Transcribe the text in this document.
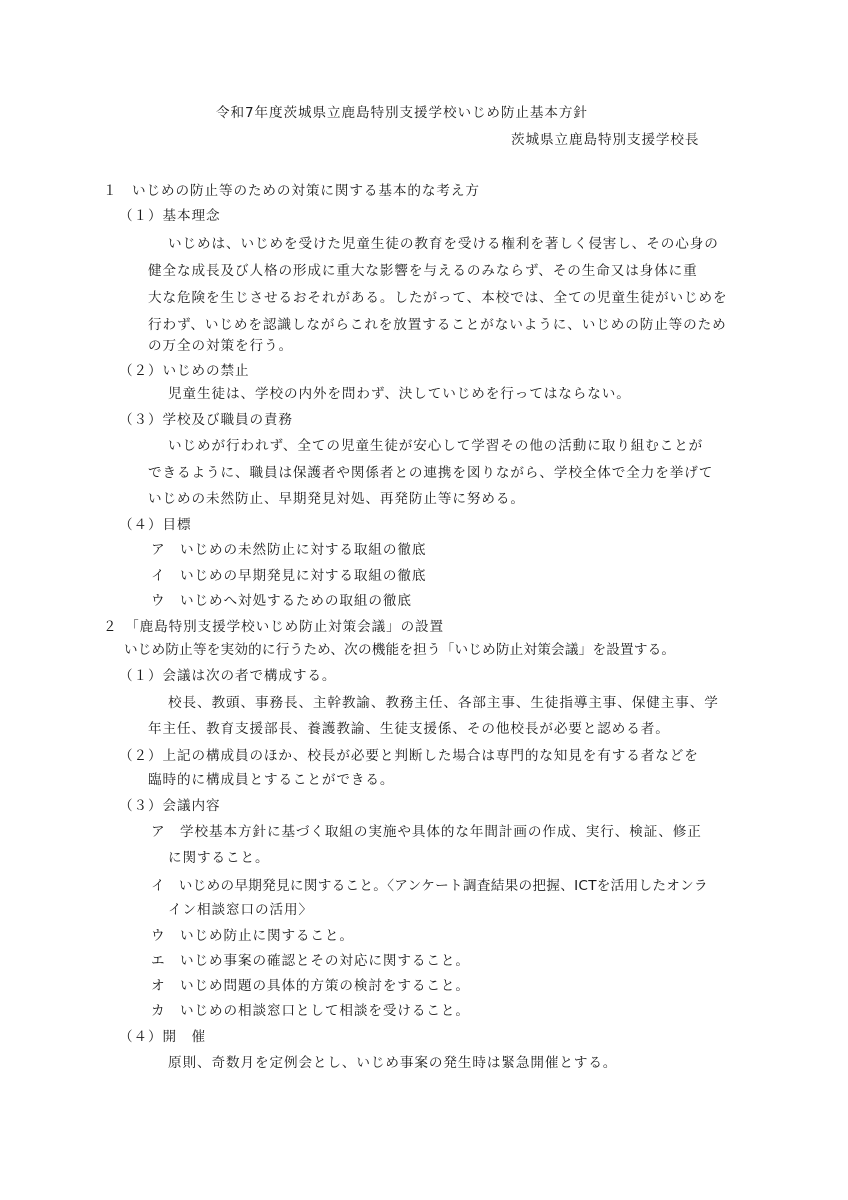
令和7年度茨城県立鹿島特別支援学校いじめ防止基本方針
茨城県立鹿島特別支援学校長
１　いじめの防止等のための対策に関する基本的な考え方
（１）基本理念
いじめは、いじめを受けた児童生徒の教育を受ける権利を著しく侵害し、その心身の
健全な成長及び人格の形成に重大な影響を与えるのみならず、その生命又は身体に重
大な危険を生じさせるおそれがある。したがって、本校では、全ての児童生徒がいじめを
行わず、いじめを認識しながらこれを放置することがないように、いじめの防止等のため
の万全の対策を行う。
（２）いじめの禁止
児童生徒は、学校の内外を問わず、決していじめを行ってはならない。
（３）学校及び職員の責務
いじめが行われず、全ての児童生徒が安心して学習その他の活動に取り組むことが
できるように、職員は保護者や関係者との連携を図りながら、学校全体で全力を挙げて
いじめの未然防止、早期発見対処、再発防止等に努める。
（４）目標
ア　いじめの未然防止に対する取組の徹底
イ　いじめの早期発見に対する取組の徹底
ウ　いじめへ対処するための取組の徹底
２　「鹿島特別支援学校いじめ防止対策会議」の設置
いじめ防止等を実効的に行うため、次の機能を担う「いじめ防止対策会議」を設置する。
（１）会議は次の者で構成する。
校長、教頭、事務長、主幹教諭、教務主任、各部主事、生徒指導主事、保健主事、学
年主任、教育支援部長、養護教諭、生徒支援係、その他校長が必要と認める者。
（２）上記の構成員のほか、校長が必要と判断した場合は専門的な知見を有する者などを
臨時的に構成員とすることができる。
（３）会議内容
ア　学校基本方針に基づく取組の実施や具体的な年間計画の作成、実行、検証、修正
に関すること。
イ　いじめの早期発見に関すること。〈アンケート調査結果の把握、ICTを活用したオンラ
イン相談窓口の活用〉
ウ　いじめ防止に関すること。
エ　いじめ事案の確認とその対応に関すること。
オ　いじめ問題の具体的方策の検討をすること。
カ　いじめの相談窓口として相談を受けること。
（４）開　催
原則、奇数月を定例会とし、いじめ事案の発生時は緊急開催とする。
